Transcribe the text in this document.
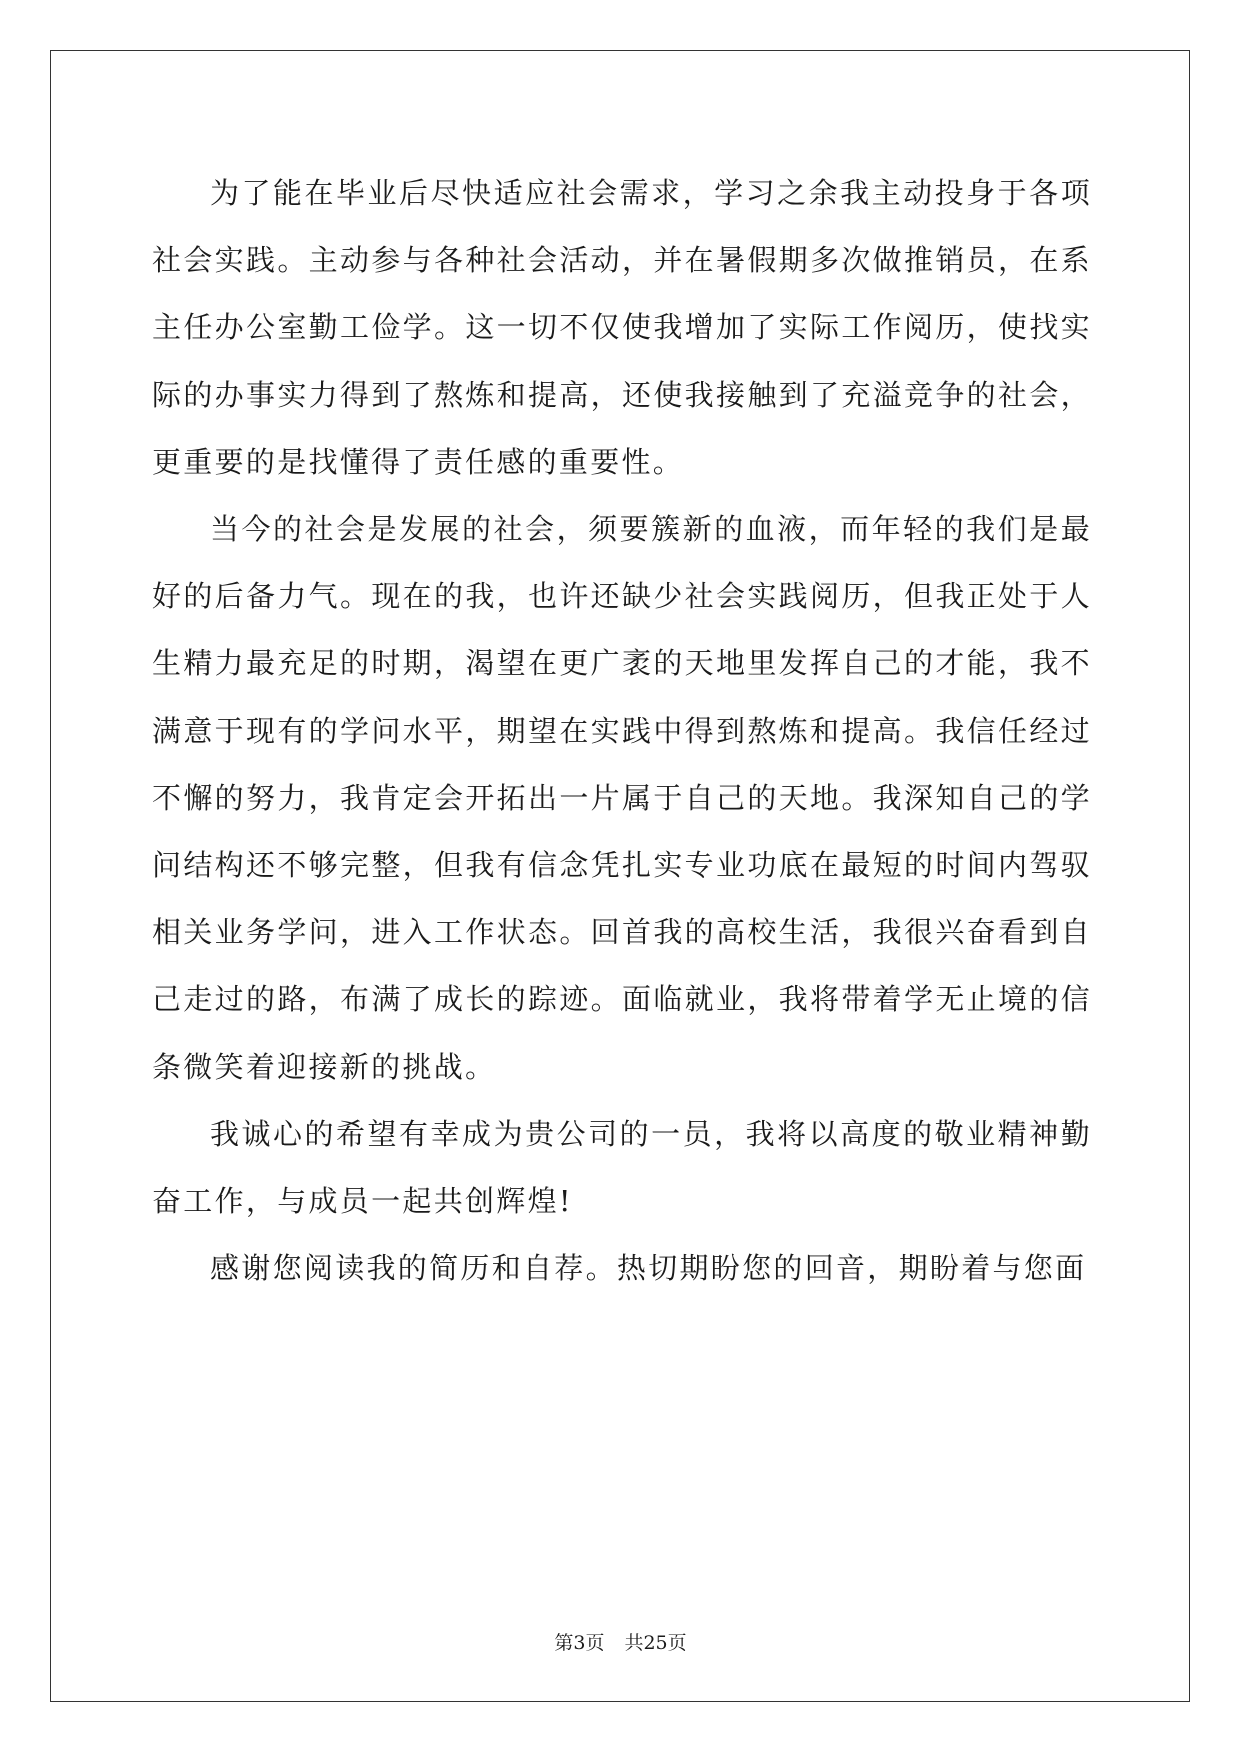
为了能在毕业后尽快适应社会需求，学习之余我主动投身于各项社会实践。主动参与各种社会活动，并在暑假期多次做推销员，在系主任办公室勤工俭学。这一切不仅使我增加了实际工作阅历，使找实际的办事实力得到了熬炼和提高，还使我接触到了充溢竞争的社会，更重要的是找懂得了责任感的重要性。

当今的社会是发展的社会，须要簇新的血液，而年轻的我们是最好的后备力气。现在的我，也许还缺少社会实践阅历，但我正处于人生精力最充足的时期，渴望在更广袤的天地里发挥自己的才能，我不满意于现有的学问水平，期望在实践中得到熬炼和提高。我信任经过不懈的努力，我肯定会开拓出一片属于自己的天地。我深知自己的学问结构还不够完整，但我有信念凭扎实专业功底在最短的时间内驾驭相关业务学问，进入工作状态。回首我的高校生活，我很兴奋看到自己走过的路，布满了成长的踪迹。面临就业，我将带着学无止境的信条微笑着迎接新的挑战。

我诚心的希望有幸成为贵公司的一员，我将以高度的敬业精神勤奋工作，与成员一起共创辉煌!

感谢您阅读我的简历和自荐。热切期盼您的回音，期盼着与您面

第3页 共25页
